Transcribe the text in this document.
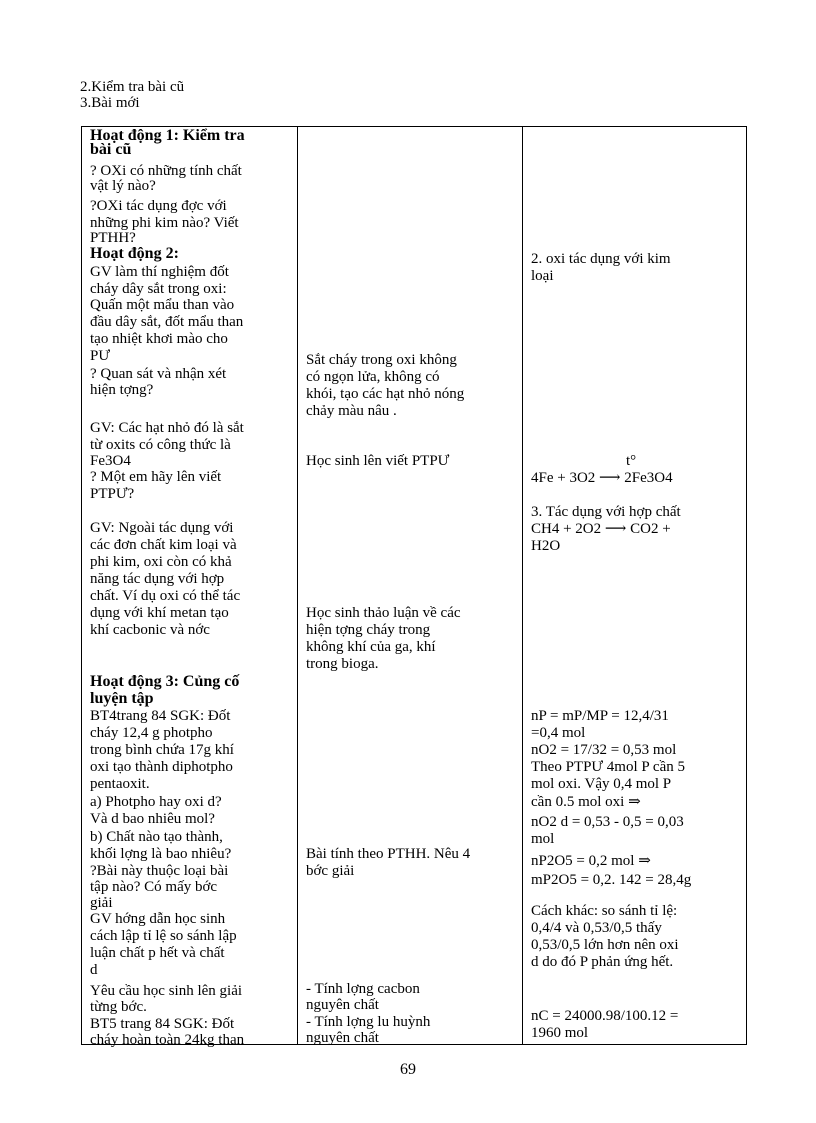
2.Kiểm tra bài cũ
3.Bài mới
Hoạt động 1: Kiểm tra
bài cũ
? OXi có những tính chất
vật lý nào?
?OXi tác dụng đợc với
những phi kim nào? Viết
PTHH?
Hoạt động 2:
GV làm thí nghiệm đốt
cháy dây sắt trong oxi:
Quấn một mẩu than vào
đầu dây sắt, đốt mẩu than
tạo nhiệt khơi mào cho
PƯ
? Quan sát và nhận xét
hiện tợng?
GV: Các hạt nhỏ đó là sắt
từ oxits có công thức là
Fe3O4
? Một em hãy lên viết
PTPƯ?
GV: Ngoài tác dụng với
các đơn chất kim loại và
phi kim, oxi còn có khả
năng tác dụng với hợp
chất. Ví dụ oxi có thể tác
dụng với khí metan tạo
khí cacbonic và nớc
Hoạt động 3: Củng cố
luyện tập
BT4trang 84 SGK: Đốt
cháy 12,4 g photpho
trong bình chứa 17g khí
oxi tạo thành diphotpho
pentaoxit.
a) Photpho hay oxi d?
Và d bao nhiêu mol?
b) Chất nào tạo thành,
khối lợng là bao nhiêu?
?Bài này thuộc loại bài
tập nào? Có mấy bớc
giải
GV hớng dẫn học sinh
cách lập tỉ lệ so sánh lập
luận chất p hết và chất
d
Yêu cầu học sinh lên giải
từng bớc.
BT5 trang 84 SGK: Đốt
cháy hoàn toàn 24kg than
Sắt cháy trong oxi không
có ngọn lửa, không có
khói, tạo các hạt nhỏ nóng
chảy màu nâu .
Học sinh lên viết PTPƯ
Học sinh thảo luận về các
hiện tợng cháy trong
không khí của ga, khí
trong bioga.
Bài tính theo PTHH. Nêu 4
bớc giải
- Tính lợng cacbon
nguyên chất
- Tính lợng lu huỳnh
nguyên chất
2. oxi tác dụng với kim
loại
t°
4Fe + 3O2 ⟶ 2Fe3O4
3. Tác dụng với hợp chất
CH4 + 2O2 ⟶ CO2 +
H2O
nP = mP/MP = 12,4/31
=0,4 mol
nO2 = 17/32 = 0,53 mol
Theo PTPƯ 4mol P cần 5
mol oxi. Vậy 0,4 mol P
cần 0.5 mol oxi ⇒
nO2 d = 0,53 - 0,5 = 0,03
mol
nP2O5 = 0,2 mol ⇒
mP2O5 = 0,2. 142 = 28,4g
Cách khác: so sánh tỉ lệ:
0,4/4 và 0,53/0,5 thấy
0,53/0,5 lớn hơn nên oxi
d do đó P phản ứng hết.
nC = 24000.98/100.12 =
1960 mol
69
